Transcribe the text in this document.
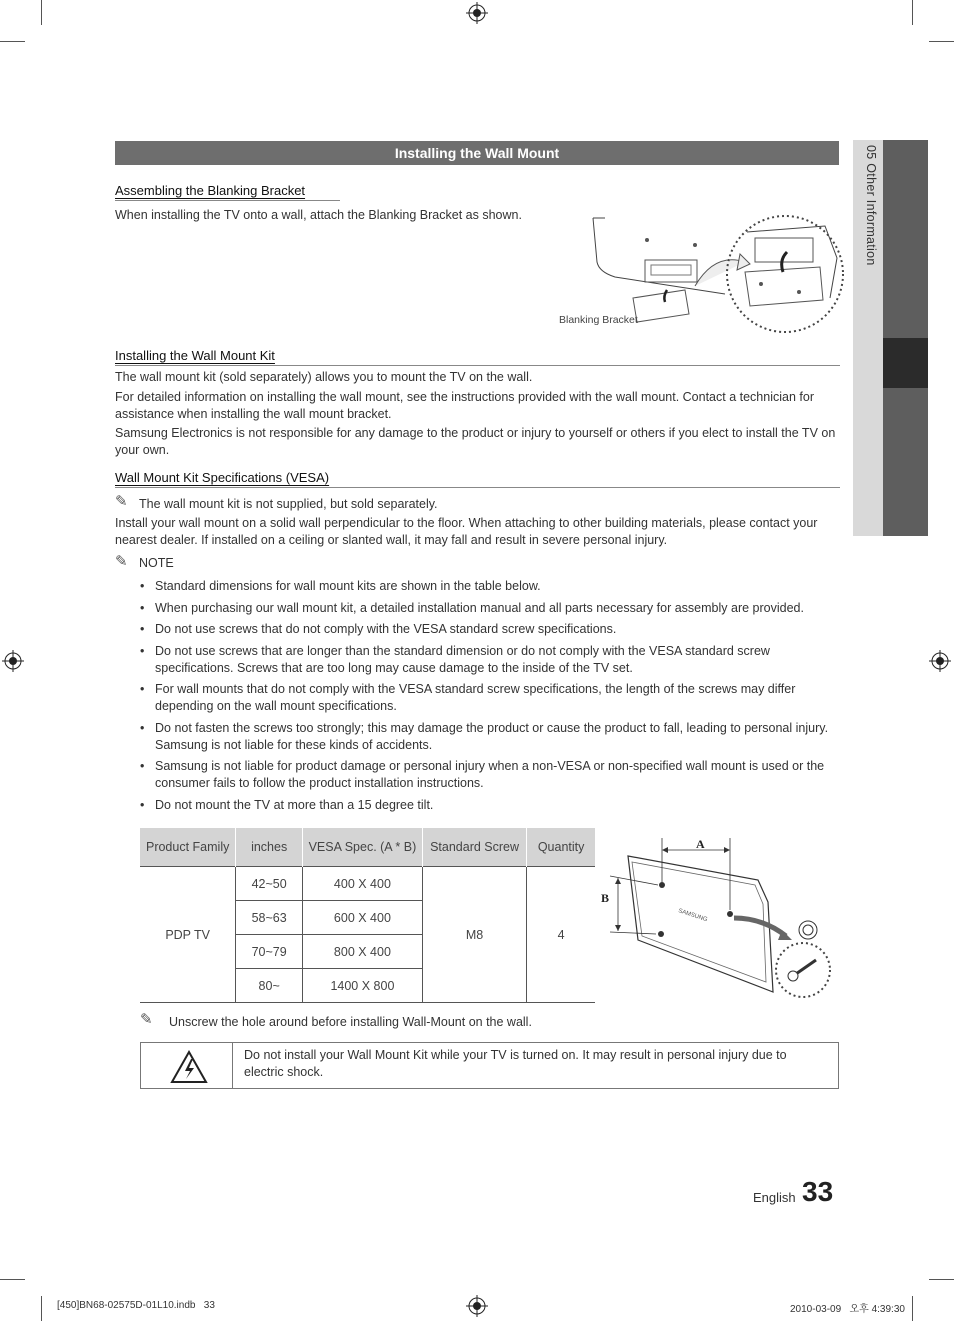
05 Other Information
Installing the Wall Mount
Assembling the Blanking Bracket

When installing the TV onto a wall, attach the Blanking Bracket as shown.

Blanking Bracket
Installing the Wall Mount Kit

The wall mount kit (sold separately) allows you to mount the TV on the wall.

For detailed information on installing the wall mount, see the instructions provided with the wall mount. Contact a technician for assistance when installing the wall mount bracket.

Samsung Electronics is not responsible for any damage to the product or injury to yourself or others if you elect to install the TV on your own.

Wall Mount Kit Specifications (VESA)
✎ The wall mount kit is not supplied, but sold separately.

Install your wall mount on a solid wall perpendicular to the floor. When attaching to other building materials, please contact your nearest dealer. If installed on a ceiling or slanted wall, it may fall and result in severe personal injury.

✎ NOTE
• Standard dimensions for wall mount kits are shown in the table below.
• When purchasing our wall mount kit, a detailed installation manual and all parts necessary for assembly are provided.
• Do not use screws that do not comply with the VESA standard screw specifications.
• Do not use screws that are longer than the standard dimension or do not comply with the VESA standard screw specifications. Screws that are too long may cause damage to the inside of the TV set.
• For wall mounts that do not comply with the VESA standard screw specifications, the length of the screws may differ depending on the wall mount specifications.
• Do not fasten the screws too strongly; this may damage the product or cause the product to fall, leading to personal injury. Samsung is not liable for these kinds of accidents.
• Samsung is not liable for product damage or personal injury when a non-VESA or non-specified wall mount is used or the consumer fails to follow the product installation instructions.
• Do not mount the TV at more than a 15 degree tilt.
Product Family	inches	VESA Spec. (A * B)	Standard Screw	Quantity
PDP TV	42~50	400 X 400	M8	4
	58~63	600 X 400		
	70~79	800 X 400		
	80~	1400 X 800		
SAMSUNG
A
B
✎ Unscrew the hole around before installing Wall-Mount on the wall.

Do not install your Wall Mount Kit while your TV is turned on. It may result in personal injury due to electric shock.

English 33
[450]BN68-02575D-01L10.indb   33	2010-03-09   오후 4:39:30
